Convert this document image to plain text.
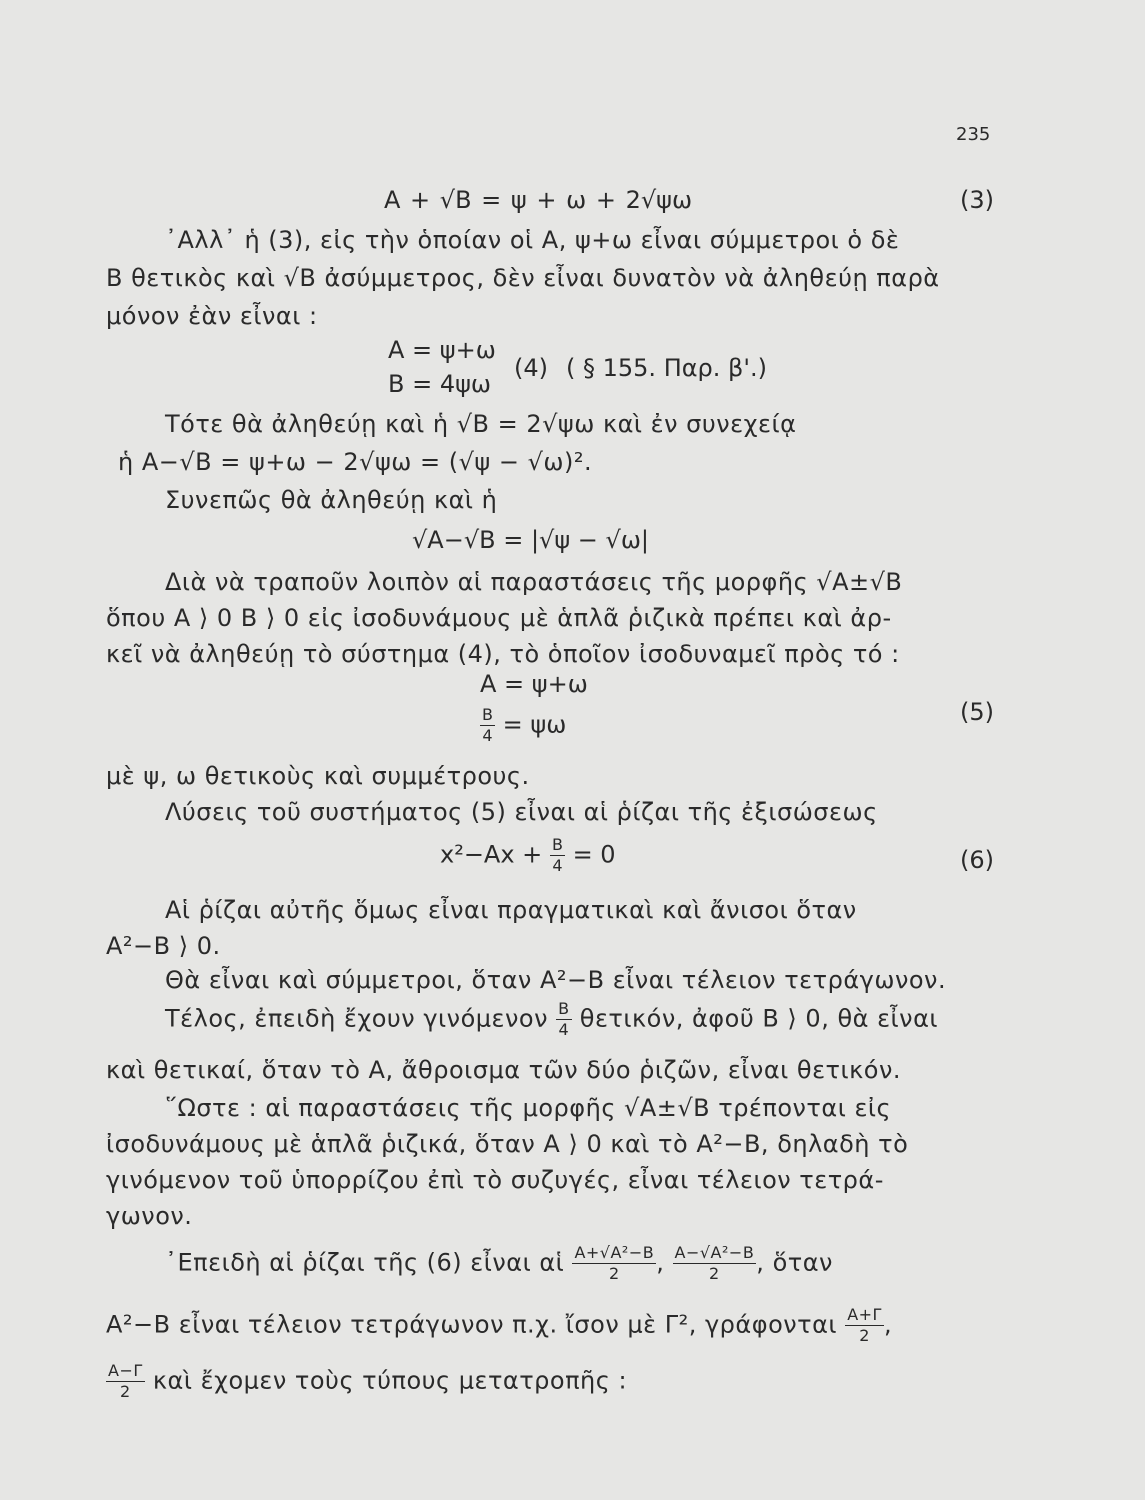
235
A + √B = ψ + ω + 2√ψω	(3)
᾿Αλλ᾿ ἡ (3), εἰς τὴν ὁποίαν οἱ Α, ψ+ω εἶναι σύμμετροι ὁ δὲ
Β θετικὸς καὶ √Β ἀσύμμετρος, δὲν εἶναι δυνατὸν νὰ ἀληθεύῃ παρὰ
μόνον ἐὰν εἶναι :
Α = ψ+ω
Β = 4ψω
(4) ( § 155. Παρ. β'.)
Τότε θὰ ἀληθεύῃ καὶ ἡ √Β = 2√ψω καὶ ἐν συνεχείᾳ
ἡ Α−√Β = ψ+ω − 2√ψω = (√ψ − √ω)².
Συνεπῶς θὰ ἀληθεύῃ καὶ ἡ
√Α−√Β = |√ψ − √ω|
Διὰ νὰ τραποῦν λοιπὸν αἱ παραστάσεις τῆς μορφῆς √Α±√Β
ὅπου Α ⟩ 0 Β ⟩ 0 εἰς ἰσοδυνάμους μὲ ἁπλᾶ ῥιζικὰ πρέπει καὶ ἀρ-
κεῖ νὰ ἀληθεύῃ τὸ σύστημα (4), τὸ ὁποῖον ἰσοδυναμεῖ πρὸς τό :
Α = ψ+ω
$\frac{B}{4} = \psi\omega$	(5)
μὲ ψ, ω θετικοὺς καὶ συμμέτρους.
Λύσεις τοῦ συστήματος (5) εἶναι αἱ ῥίζαι τῆς ἐξισώσεως
$x^2-Ax + \frac{B}{4} = 0$	(6)
Αἱ ῥίζαι αὐτῆς ὅμως εἶναι πραγματικαὶ καὶ ἄνισοι ὅταν
Α²−Β ⟩ 0.
Θὰ εἶναι καὶ σύμμετροι, ὅταν Α²−Β εἶναι τέλειον τετράγωνον.
Τέλος, ἐπειδὴ ἔχουν γινόμενον $\frac{B}{4} \theta\varepsilon\tau\iota\kappa ό\nu$, ἀφοῦ Β ⟩ 0, θὰ εἶναι
καὶ θετικαί, ὅταν τὸ Α, ἄθροισμα τῶν δύο ῥιζῶν, εἶναι θετικόν.
῞Ωστε : αἱ παραστάσεις τῆς μορφῆς √Α±√Β τρέπονται εἰς
ἰσοδυνάμους μὲ ἁπλᾶ ῥιζικά, ὅταν Α ⟩ 0 καὶ τὸ Α²−Β, δηλαδὴ τὸ
γινόμενον τοῦ ὑπορρίζου ἐπὶ τὸ συζυγές, εἶναι τέλειον τετρά-
γωνον.
᾿Επειδὴ αἱ ῥίζαι τῆς (6) εἶναι αἱ $\frac{\text{Α+√Α²−Β}}{2}$ , $\frac{\text{Α−√Α²−Β}}{2}$ , ὅταν
Α²−Β εἶναι τέλειον τετράγωνον π.χ. ἴσον μὲ Γ², γράφονται $\frac{A+\Gamma}{2}$ ,
$\frac{A-\Gamma}{2}$ καὶ ἔχομεν τοὺς τύπους μετατροπῆς :
